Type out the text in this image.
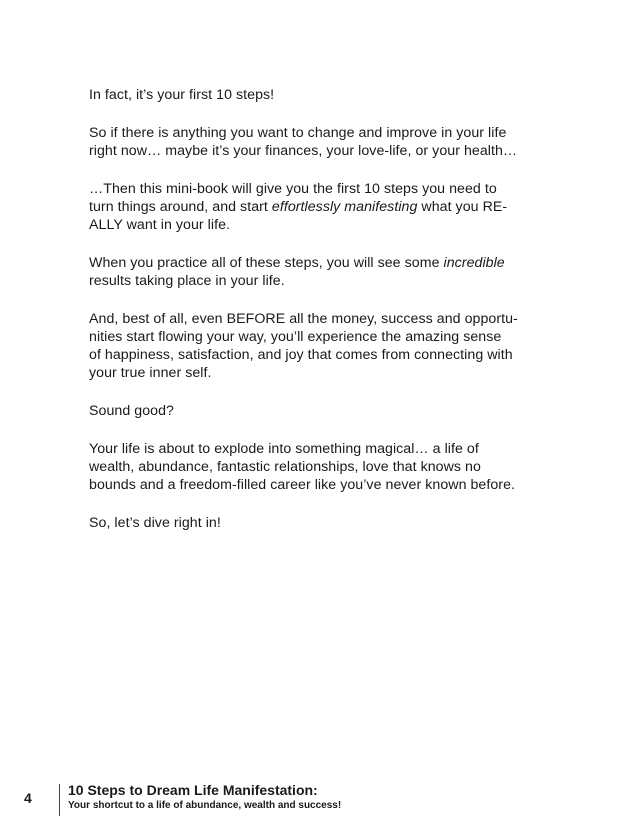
In fact, it’s your first 10 steps!

So if there is anything you want to change and improve in your life
right now… maybe it’s your finances, your love-life, or your health…

…Then this mini-book will give you the first 10 steps you need to
turn things around, and start effortlessly manifesting what you RE-
ALLY want in your life.

When you practice all of these steps, you will see some incredible
results taking place in your life.

And, best of all, even BEFORE all the money, success and opportu-
nities start flowing your way, you’ll experience the amazing sense
of happiness, satisfaction, and joy that comes from connecting with
your true inner self.

Sound good?

Your life is about to explode into something magical… a life of
wealth, abundance, fantastic relationships, love that knows no
bounds and a freedom-filled career like you’ve never known before.

So, let’s dive right in!

4	10 Steps to Dream Life Manifestation:
Your shortcut to a life of abundance, wealth and success!
